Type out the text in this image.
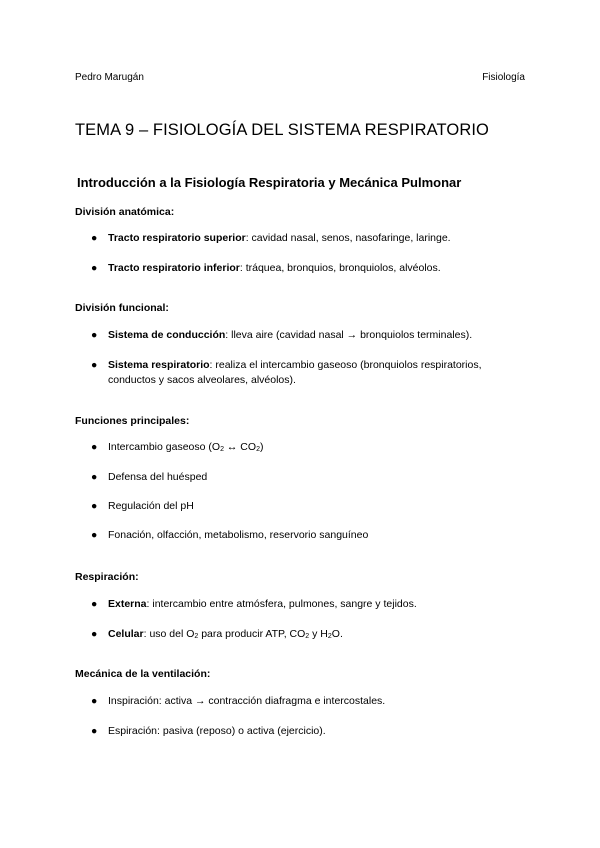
Pedro Marugán	Fisiología
TEMA 9 – FISIOLOGÍA DEL SISTEMA RESPIRATORIO
Introducción a la Fisiología Respiratoria y Mecánica Pulmonar
División anatómica:
● Tracto respiratorio superior: cavidad nasal, senos, nasofaringe, laringe.
● Tracto respiratorio inferior: tráquea, bronquios, bronquiolos, alvéolos.
División funcional:
● Sistema de conducción: lleva aire (cavidad nasal → bronquiolos terminales).
● Sistema respiratorio: realiza el intercambio gaseoso (bronquiolos respiratorios, conductos y sacos alveolares, alvéolos).
Funciones principales:
● Intercambio gaseoso ($O_2$ ↔ $CO_2$)
● Defensa del huésped
● Regulación del pH
● Fonación, olfacción, metabolismo, reservorio sanguíneo
Respiración:
● Externa: intercambio entre atmósfera, pulmones, sangre y tejidos.
● Celular: uso del $O_2$ para producir ATP, $CO_2$ y $H_2O$.
Mecánica de la ventilación:
● Inspiración: activa → contracción diafragma e intercostales.
● Espiración: pasiva (reposo) o activa (ejercicio).
